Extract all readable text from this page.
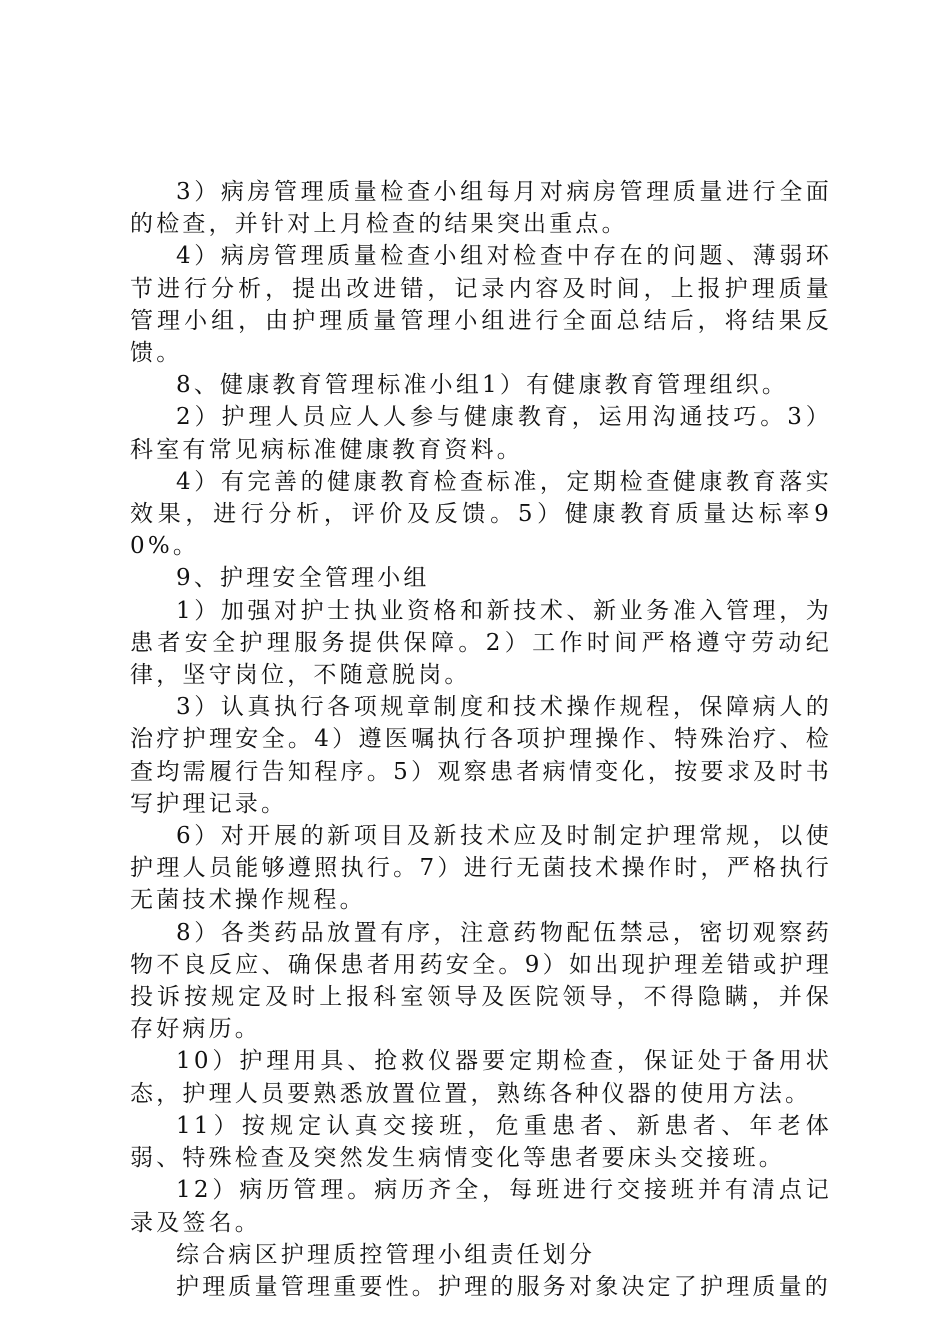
3）病房管理质量检查小组每月对病房管理质量进行全面的检查，并针对上月检查的结果突出重点。

4）病房管理质量检查小组对检查中存在的问题、薄弱环节进行分析，提出改进错，记录内容及时间，上报护理质量管理小组，由护理质量管理小组进行全面总结后，将结果反馈。

8、健康教育管理标准小组1）有健康教育管理组织。

2）护理人员应人人参与健康教育，运用沟通技巧。3）科室有常见病标准健康教育资料。

4）有完善的健康教育检查标准，定期检查健康教育落实效果，进行分析，评价及反馈。5）健康教育质量达标率90%。

9、护理安全管理小组

1）加强对护士执业资格和新技术、新业务准入管理，为患者安全护理服务提供保障。2）工作时间严格遵守劳动纪律，坚守岗位，不随意脱岗。

3）认真执行各项规章制度和技术操作规程，保障病人的治疗护理安全。4）遵医嘱执行各项护理操作、特殊治疗、检查均需履行告知程序。5）观察患者病情变化，按要求及时书写护理记录。

6）对开展的新项目及新技术应及时制定护理常规，以使护理人员能够遵照执行。7）进行无菌技术操作时，严格执行无菌技术操作规程。

8）各类药品放置有序，注意药物配伍禁忌，密切观察药物不良反应、确保患者用药安全。9）如出现护理差错或护理投诉按规定及时上报科室领导及医院领导，不得隐瞒，并保存好病历。

10）护理用具、抢救仪器要定期检查，保证处于备用状态，护理人员要熟悉放置位置，熟练各种仪器的使用方法。

11）按规定认真交接班，危重患者、新患者、年老体弱、特殊检查及突然发生病情变化等患者要床头交接班。

12）病历管理。病历齐全，每班进行交接班并有清点记录及签名。

综合病区护理质控管理小组责任划分

护理质量管理重要性。护理的服务对象决定了护理质量的
